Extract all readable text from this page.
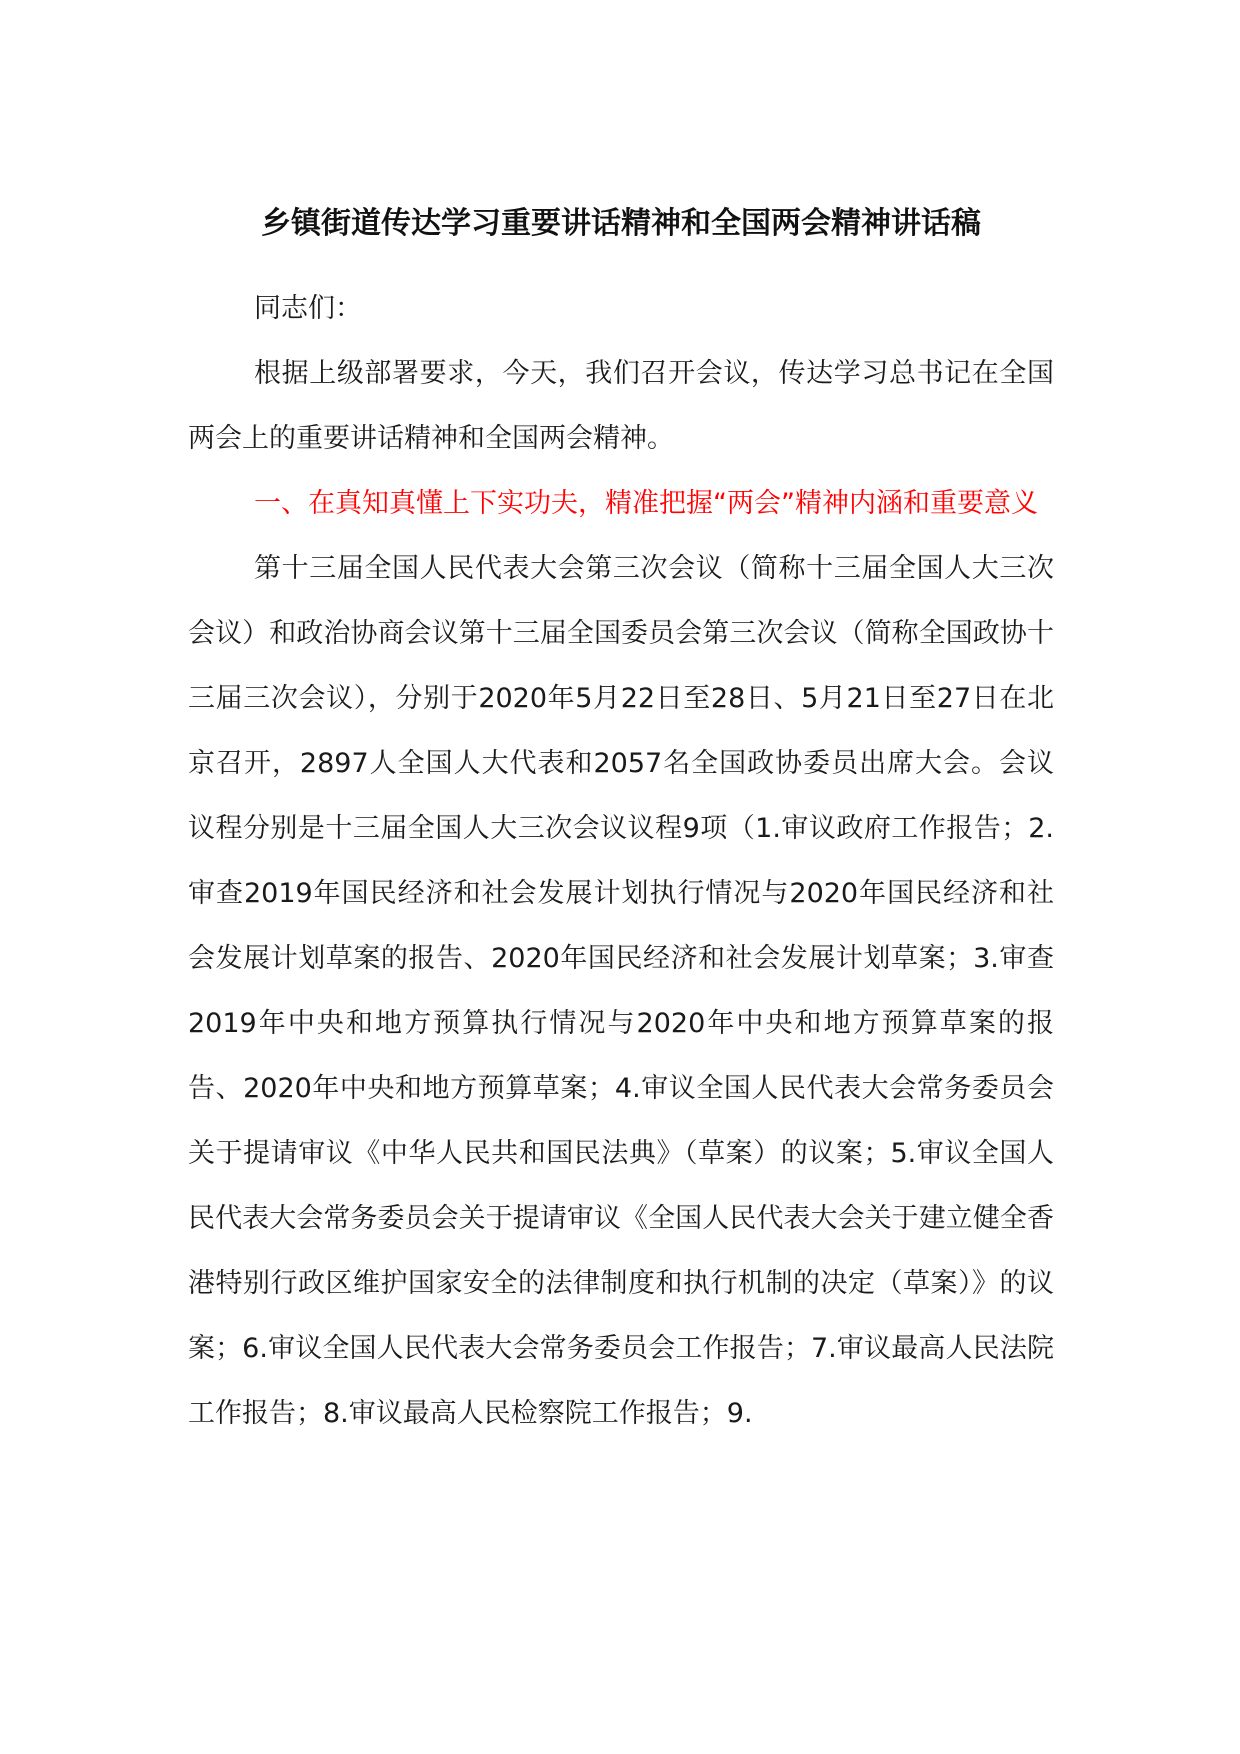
乡镇街道传达学习重要讲话精神和全国两会精神讲话稿

同志们：

根据上级部署要求，今天，我们召开会议，传达学习总书记在全国两会上的重要讲话精神和全国两会精神。

一、在真知真懂上下实功夫，精准把握“两会”精神内涵和重要意义

第十三届全国人民代表大会第三次会议（简称十三届全国人大三次会议）和政治协商会议第十三届全国委员会第三次会议（简称全国政协十三届三次会议），分别于2020年5月22日至28日、5月21日至27日在北京召开，2897人全国人大代表和2057名全国政协委员出席大会。会议议程分别是十三届全国人大三次会议议程9项（1.审议政府工作报告；2.审查2019年国民经济和社会发展计划执行情况与2020年国民经济和社会发展计划草案的报告、2020年国民经济和社会发展计划草案；3.审查2019年中央和地方预算执行情况与2020年中央和地方预算草案的报告、2020年中央和地方预算草案；4.审议全国人民代表大会常务委员会关于提请审议《中华人民共和国民法典》（草案）的议案；5.审议全国人民代表大会常务委员会关于提请审议《全国人民代表大会关于建立健全香港特别行政区维护国家安全的法律制度和执行机制的决定（草案）》的议案；6.审议全国人民代表大会常务委员会工作报告；7.审议最高人民法院工作报告；8.审议最高人民检察院工作报告；9.
